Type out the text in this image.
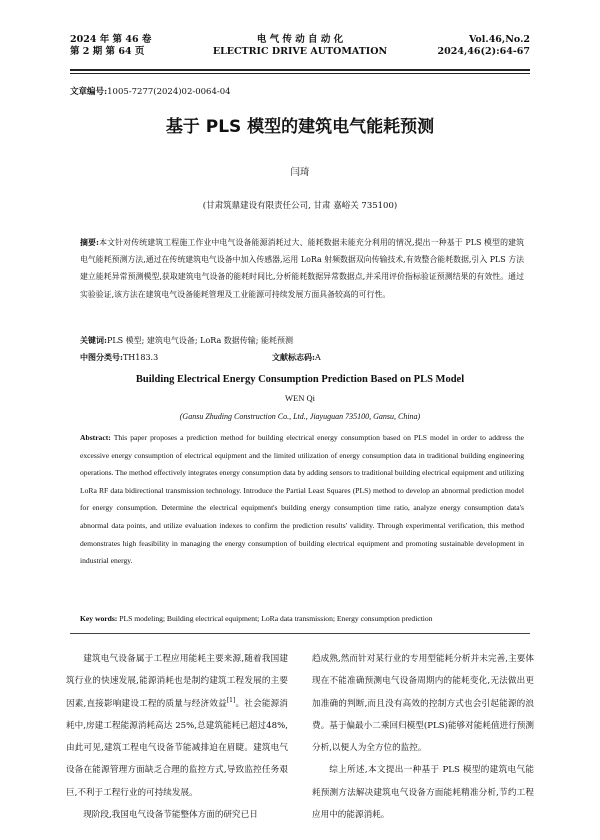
2024 年 第 46 卷
第 2 期 第 64 页
电 气 传 动 自 动 化
ELECTRIC DRIVE AUTOMATION
Vol.46,No.2
2024,46(2):64-67
文章编号:1005-7277(2024)02-0064-04
基于 PLS 模型的建筑电气能耗预测
闫琦
(甘肃筑鼎建设有限责任公司, 甘肃 嘉峪关 735100)
摘要:本文针对传统建筑工程施工作业中电气设备能源消耗过大、能耗数据未能充分利用的情况,提出一种基于 PLS 模型的建筑电气能耗预测方法,通过在传统建筑电气设备中加入传感器,运用 LoRa 射频数据双向传输技术,有效整合能耗数据,引入 PLS 方法建立能耗异常预测模型,获取建筑电气设备的能耗时间比,分析能耗数据异常数据点,并采用评价指标验证预测结果的有效性。通过实验验证,该方法在建筑电气设备能耗管理及工业能源可持续发展方面具备较高的可行性。
关键词:PLS 模型; 建筑电气设备; LoRa 数据传输; 能耗预测
中图分类号:TH183.3	文献标志码:A
Building Electrical Energy Consumption Prediction Based on PLS Model
WEN Qi
(Gansu Zhuding Construction Co., Ltd., Jiayuguan 735100, Gansu, China)
Abstract: This paper proposes a prediction method for building electrical energy consumption based on PLS model in order to address the excessive energy consumption of electrical equipment and the limited utilization of energy consumption data in traditional building engineering operations. The method effectively integrates energy consumption data by adding sensors to traditional building electrical equipment and utilizing LoRa RF data bidirectional transmission technology. Introduce the Partial Least Squares (PLS) method to develop an abnormal prediction model for energy consumption. Determine the electrical equipment's building energy consumption time ratio, analyze energy consumption data's abnormal data points, and utilize evaluation indexes to confirm the prediction results' validity. Through experimental verification, this method demonstrates high feasibility in managing the energy consumption of building electrical equipment and promoting sustainable development in industrial energy.
Key words: PLS modeling; Building electrical equipment; LoRa data transmission; Energy consumption prediction

建筑电气设备属于工程应用能耗主要来源,随着我国建筑行业的快速发展,能源消耗也是制约建筑工程发展的主要因素,直接影响建设工程的质量与经济效益[1]。社会能源消耗中,房建工程能源消耗高达 25%,总建筑能耗已超过48%,由此可见,建筑工程电气设备节能减排迫在眉睫。建筑电气设备在能源管理方面缺乏合理的监控方式,导致监控任务艰巨,不利于工程行业的可持续发展。

现阶段,我国电气设备节能整体方面的研究已日

趋成熟,然而针对某行业的专用型能耗分析并未完善,主要体现在不能准确预测电气设备周期内的能耗变化,无法做出更加准确的判断,而且没有高效的控制方式也会引起能源的浪费。基于偏最小二乘回归模型(PLS)能够对能耗值进行预测分析,以便人为全方位的监控。

综上所述,本文提出一种基于 PLS 模型的建筑电气能耗预测方法解决建筑电气设备方面能耗精准分析,节约工程应用中的能源消耗。
